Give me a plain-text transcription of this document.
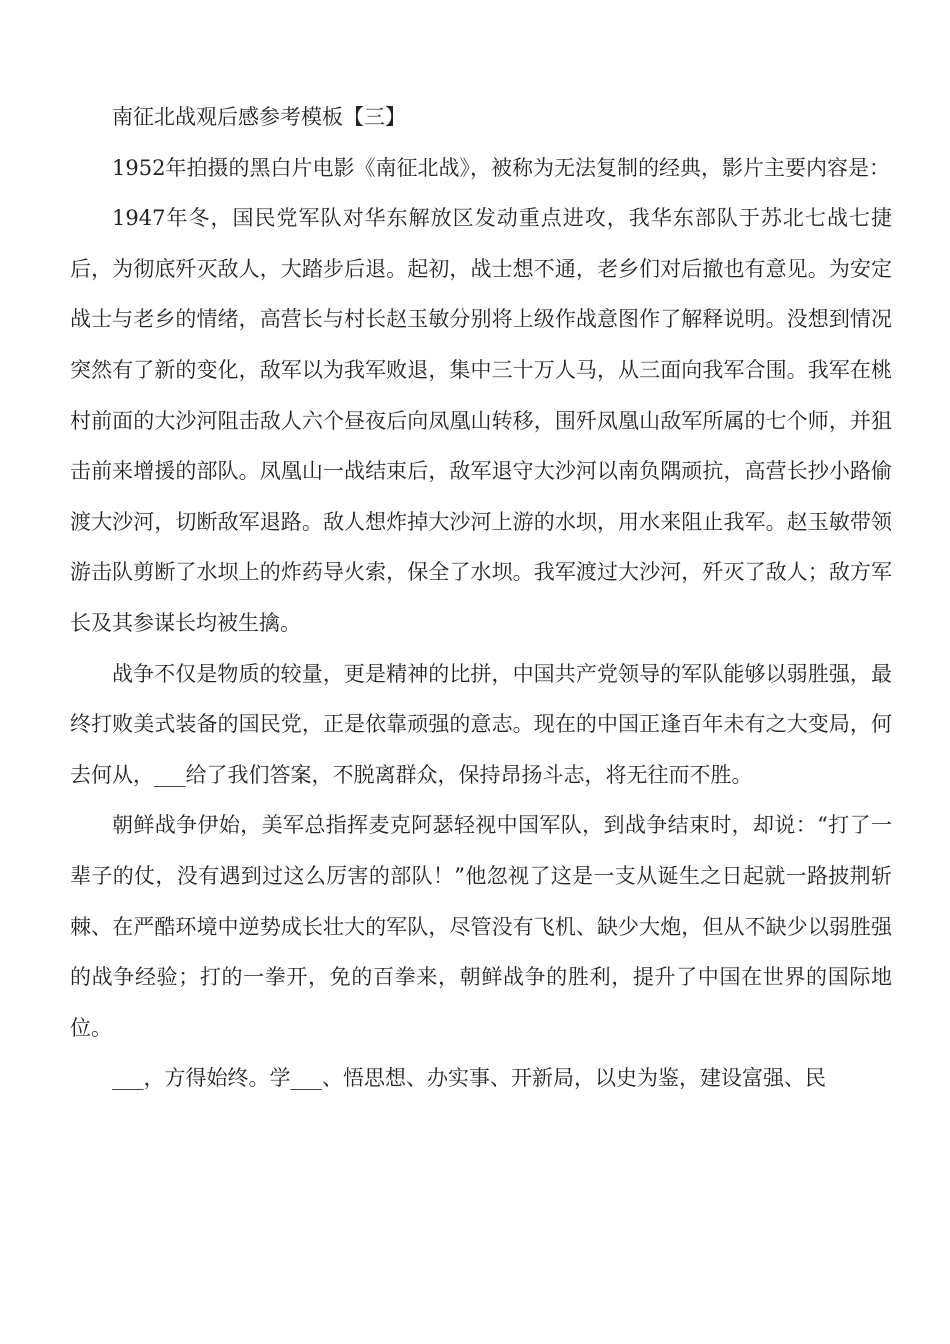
南征北战观后感参考模板【三】

1952年拍摄的黑白片电影《南征北战》，被称为无法复制的经典，影片主要内容是：

1947年冬，国民党军队对华东解放区发动重点进攻，我华东部队于苏北七战七捷后，为彻底歼灭敌人，大踏步后退。起初，战士想不通，老乡们对后撤也有意见。为安定战士与老乡的情绪，高营长与村长赵玉敏分别将上级作战意图作了解释说明。没想到情况突然有了新的变化，敌军以为我军败退，集中三十万人马，从三面向我军合围。我军在桃村前面的大沙河阻击敌人六个昼夜后向凤凰山转移，围歼凤凰山敌军所属的七个师，并狙击前来增援的部队。凤凰山一战结束后，敌军退守大沙河以南负隅顽抗，高营长抄小路偷渡大沙河，切断敌军退路。敌人想炸掉大沙河上游的水坝，用水来阻止我军。赵玉敏带领游击队剪断了水坝上的炸药导火索，保全了水坝。我军渡过大沙河，歼灭了敌人；敌方军长及其参谋长均被生擒。

战争不仅是物质的较量，更是精神的比拼，中国共产党领导的军队能够以弱胜强，最终打败美式装备的国民党，正是依靠顽强的意志。现在的中国正逢百年未有之大变局，何去何从，___给了我们答案，不脱离群众，保持昂扬斗志，将无往而不胜。

朝鲜战争伊始，美军总指挥麦克阿瑟轻视中国军队，到战争结束时，却说：“打了一辈子的仗，没有遇到过这么厉害的部队！”他忽视了这是一支从诞生之日起就一路披荆斩棘、在严酷环境中逆势成长壮大的军队，尽管没有飞机、缺少大炮，但从不缺少以弱胜强的战争经验；打的一拳开，免的百拳来，朝鲜战争的胜利，提升了中国在世界的国际地位。

___，方得始终。学___、悟思想、办实事、开新局，以史为鉴，建设富强、民
